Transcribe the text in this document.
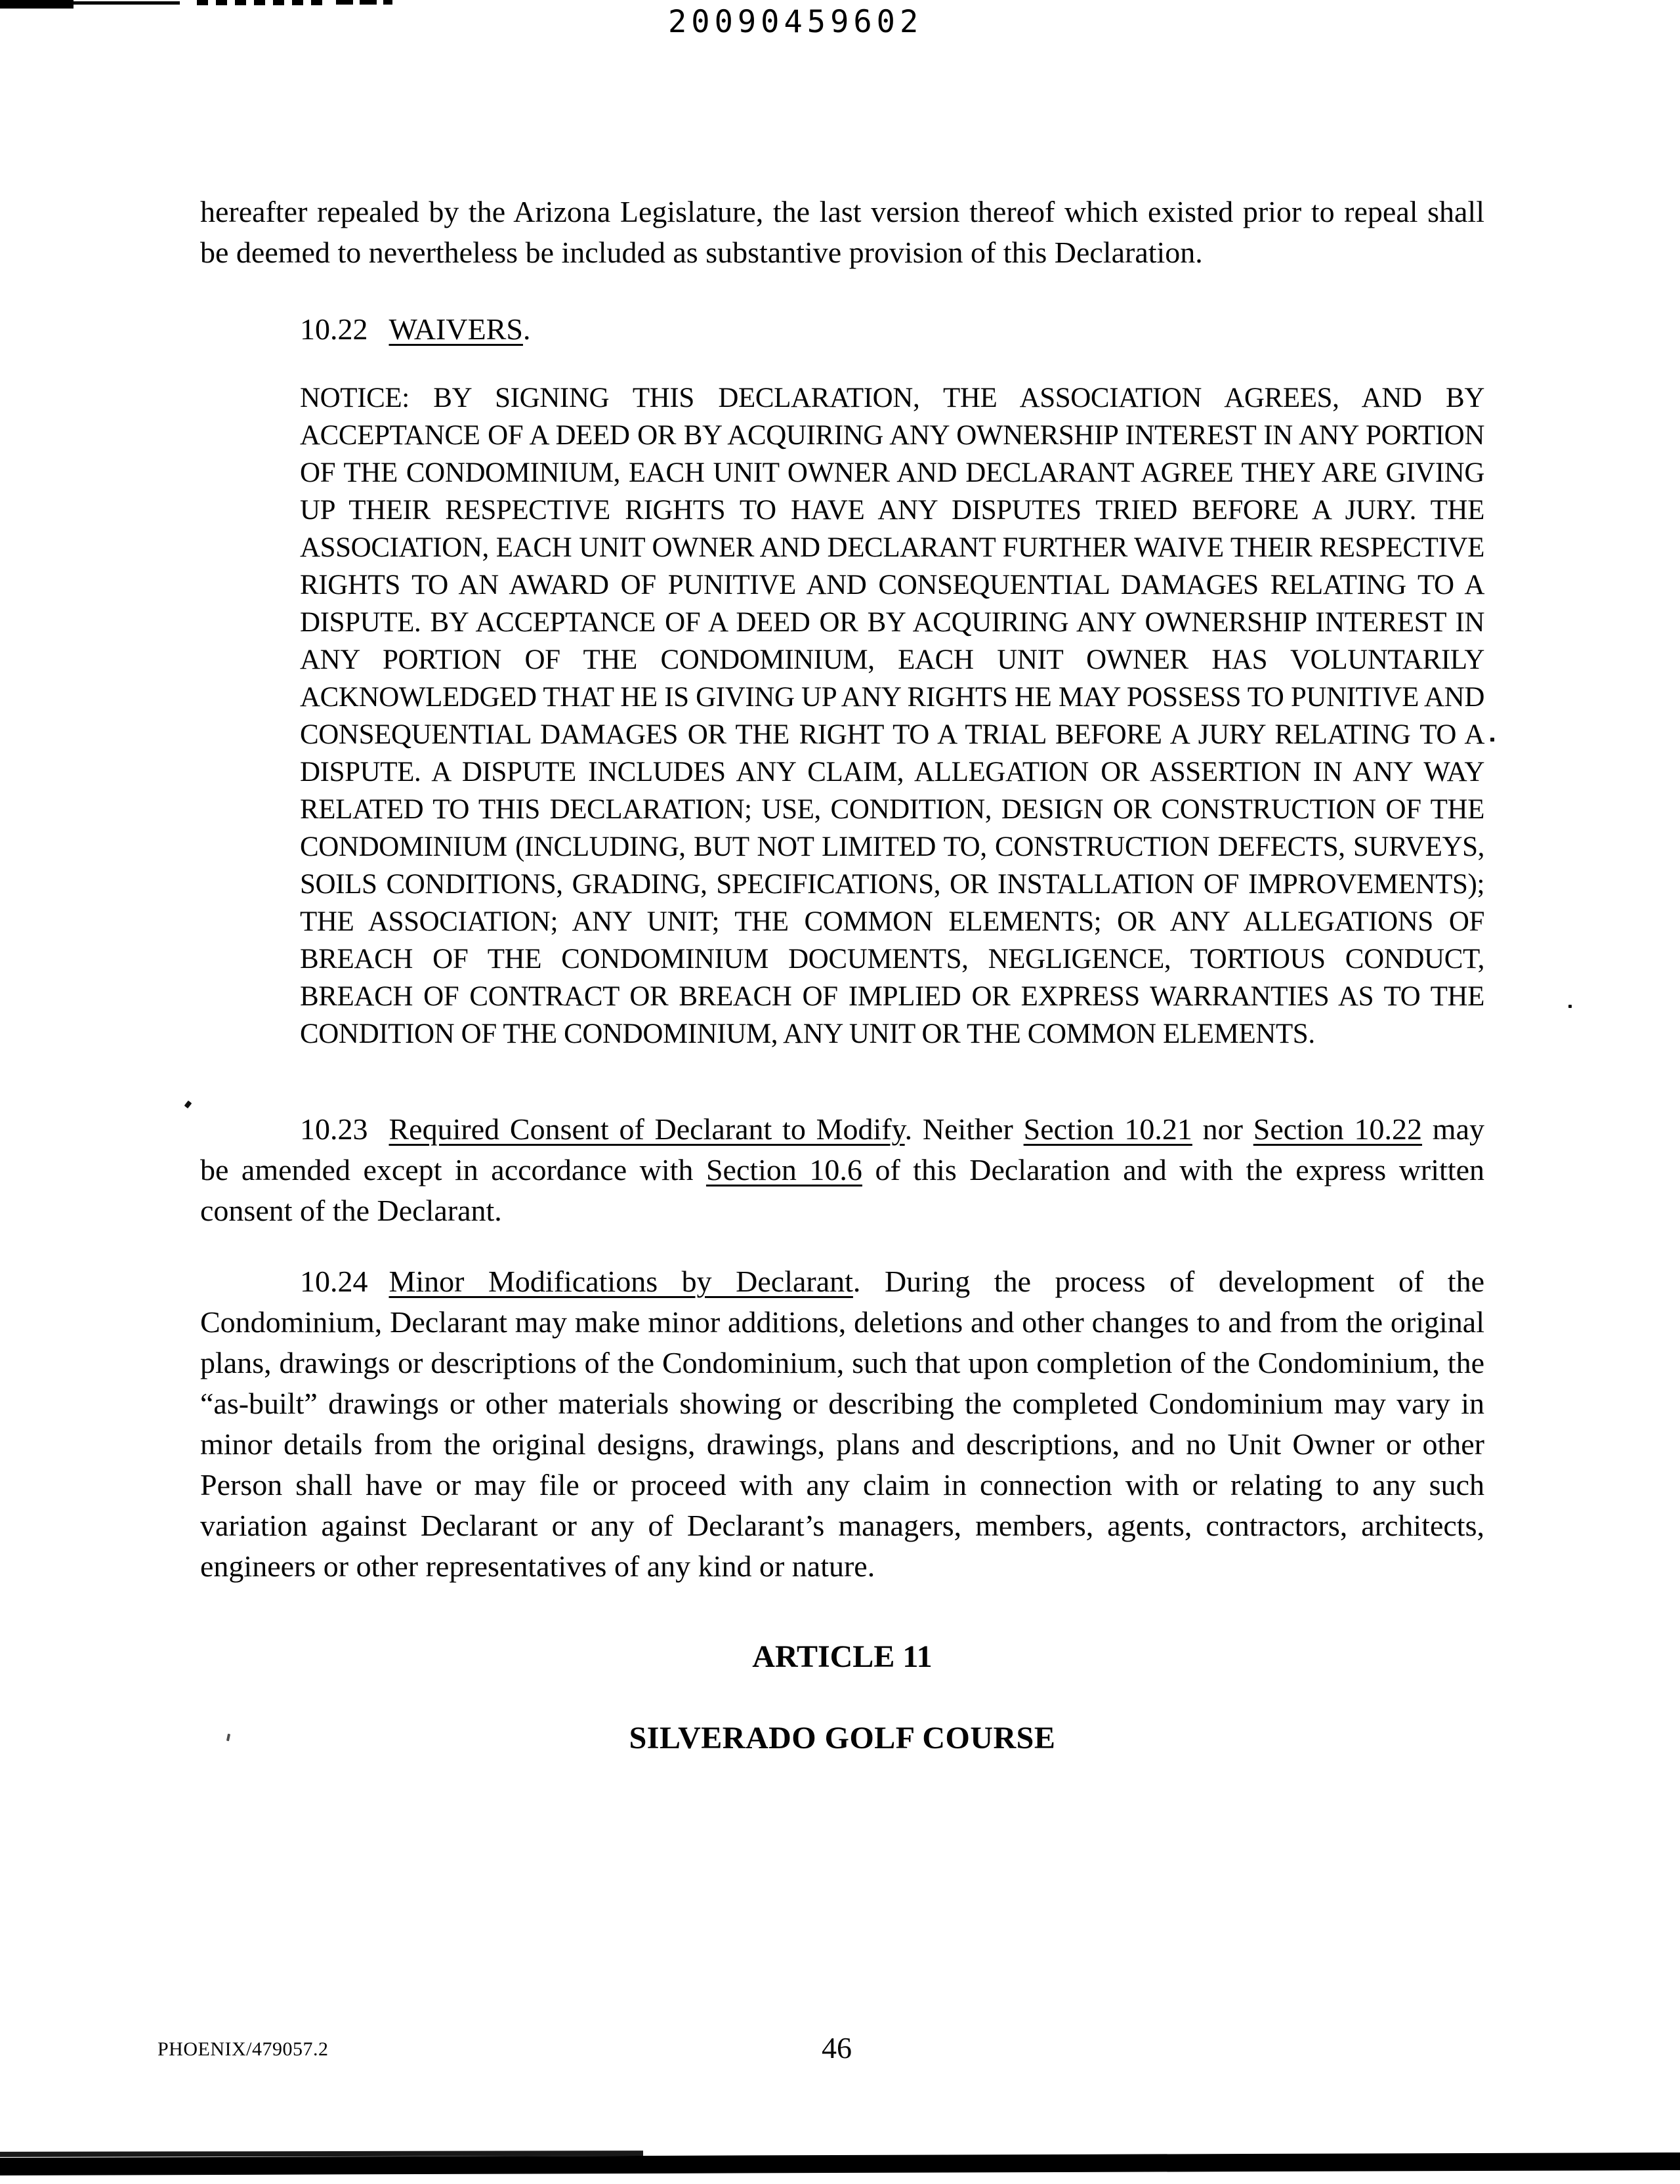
20090459602

hereafter repealed by the Arizona Legislature, the last version thereof which existed prior to repeal shall be deemed to nevertheless be included as substantive provision of this Declaration.

10.22 WAIVERS.

NOTICE: BY SIGNING THIS DECLARATION, THE ASSOCIATION AGREES, AND BY ACCEPTANCE OF A DEED OR BY ACQUIRING ANY OWNERSHIP INTEREST IN ANY PORTION OF THE CONDOMINIUM, EACH UNIT OWNER AND DECLARANT AGREE THEY ARE GIVING UP THEIR RESPECTIVE RIGHTS TO HAVE ANY DISPUTES TRIED BEFORE A JURY. THE ASSOCIATION, EACH UNIT OWNER AND DECLARANT FURTHER WAIVE THEIR RESPECTIVE RIGHTS TO AN AWARD OF PUNITIVE AND CONSEQUENTIAL DAMAGES RELATING TO A DISPUTE. BY ACCEPTANCE OF A DEED OR BY ACQUIRING ANY OWNERSHIP INTEREST IN ANY PORTION OF THE CONDOMINIUM, EACH UNIT OWNER HAS VOLUNTARILY ACKNOWLEDGED THAT HE IS GIVING UP ANY RIGHTS HE MAY POSSESS TO PUNITIVE AND CONSEQUENTIAL DAMAGES OR THE RIGHT TO A TRIAL BEFORE A JURY RELATING TO A DISPUTE. A DISPUTE INCLUDES ANY CLAIM, ALLEGATION OR ASSERTION IN ANY WAY RELATED TO THIS DECLARATION; USE, CONDITION, DESIGN OR CONSTRUCTION OF THE CONDOMINIUM (INCLUDING, BUT NOT LIMITED TO, CONSTRUCTION DEFECTS, SURVEYS, SOILS CONDITIONS, GRADING, SPECIFICATIONS, OR INSTALLATION OF IMPROVEMENTS); THE ASSOCIATION; ANY UNIT; THE COMMON ELEMENTS; OR ANY ALLEGATIONS OF BREACH OF THE CONDOMINIUM DOCUMENTS, NEGLIGENCE, TORTIOUS CONDUCT, BREACH OF CONTRACT OR BREACH OF IMPLIED OR EXPRESS WARRANTIES AS TO THE CONDITION OF THE CONDOMINIUM, ANY UNIT OR THE COMMON ELEMENTS.

10.23 Required Consent of Declarant to Modify. Neither Section 10.21 nor Section 10.22 may be amended except in accordance with Section 10.6 of this Declaration and with the express written consent of the Declarant.

10.24 Minor Modifications by Declarant. During the process of development of the Condominium, Declarant may make minor additions, deletions and other changes to and from the original plans, drawings or descriptions of the Condominium, such that upon completion of the Condominium, the “as-built” drawings or other materials showing or describing the completed Condominium may vary in minor details from the original designs, drawings, plans and descriptions, and no Unit Owner or other Person shall have or may file or proceed with any claim in connection with or relating to any such variation against Declarant or any of Declarant’s managers, members, agents, contractors, architects, engineers or other representatives of any kind or nature.

ARTICLE 11
SILVERADO GOLF COURSE
PHOENIX/479057.2	46
